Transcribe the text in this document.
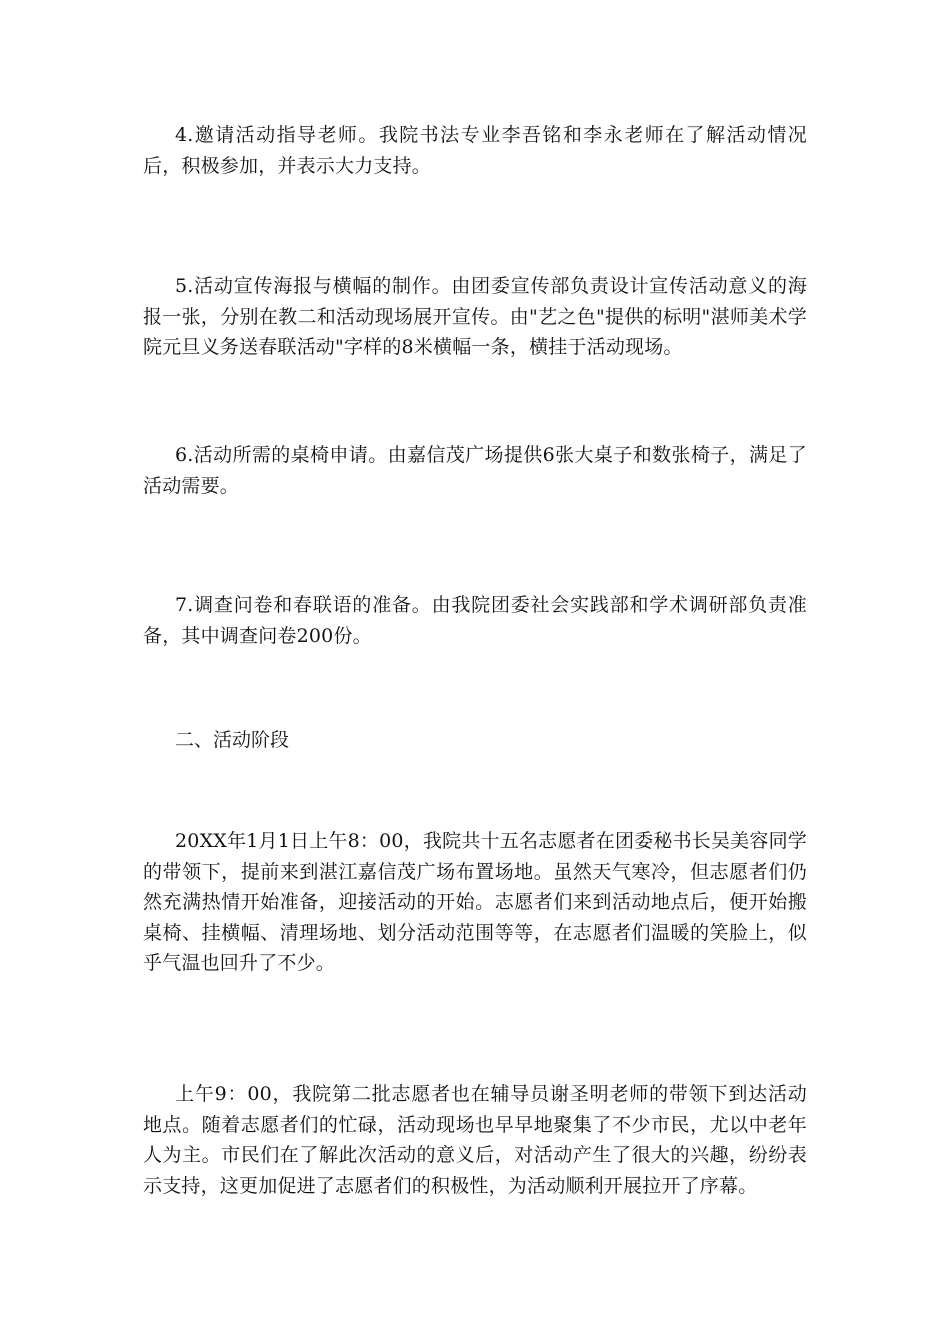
4.邀请活动指导老师。我院书法专业李吾铭和李永老师在了解活动情况后，积极参加，并表示大力支持。

5.活动宣传海报与横幅的制作。由团委宣传部负责设计宣传活动意义的海报一张，分别在教二和活动现场展开宣传。由"艺之色"提供的标明"湛师美术学院元旦义务送春联活动"字样的8米横幅一条，横挂于活动现场。

6.活动所需的桌椅申请。由嘉信茂广场提供6张大桌子和数张椅子，满足了活动需要。

7.调查问卷和春联语的准备。由我院团委社会实践部和学术调研部负责准备，其中调查问卷200份。

二、活动阶段

20XX年1月1日上午8：00，我院共十五名志愿者在团委秘书长吴美容同学的带领下，提前来到湛江嘉信茂广场布置场地。虽然天气寒冷，但志愿者们仍然充满热情开始准备，迎接活动的开始。志愿者们来到活动地点后，便开始搬桌椅、挂横幅、清理场地、划分活动范围等等，在志愿者们温暖的笑脸上，似乎气温也回升了不少。

上午9：00，我院第二批志愿者也在辅导员谢圣明老师的带领下到达活动地点。随着志愿者们的忙碌，活动现场也早早地聚集了不少市民，尤以中老年人为主。市民们在了解此次活动的意义后，对活动产生了很大的兴趣，纷纷表示支持，这更加促进了志愿者们的积极性，为活动顺利开展拉开了序幕。
